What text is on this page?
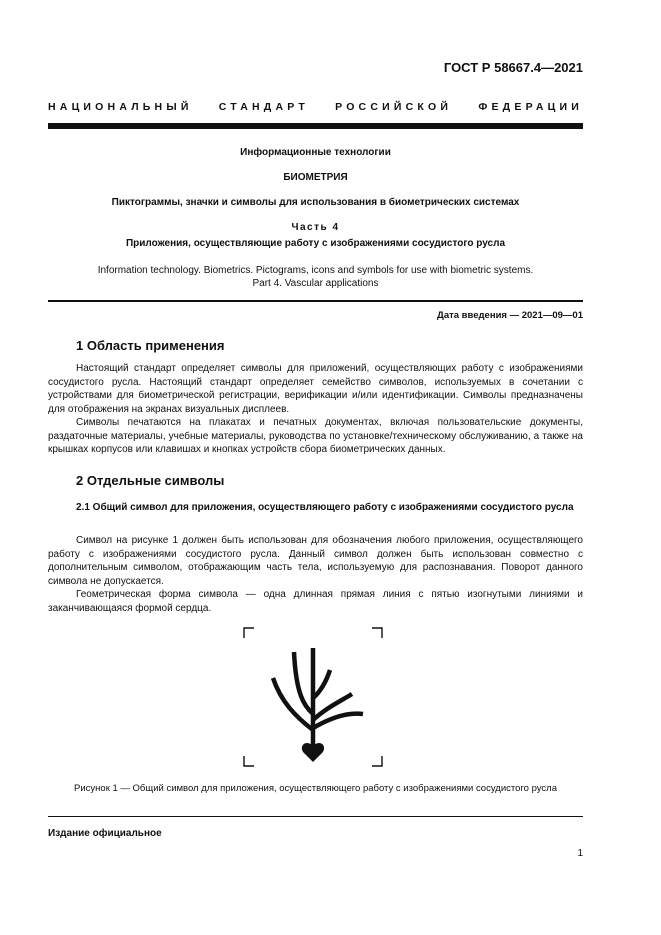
ГОСТ Р 58667.4—2021
НАЦИОНАЛЬНЫЙ СТАНДАРТ РОССИЙСКОЙ ФЕДЕРАЦИИ
Информационные технологии
БИОМЕТРИЯ
Пиктограммы, значки и символы для использования в биометрических системах
Часть 4
Приложения, осуществляющие работу с изображениями сосудистого русла
Information technology. Biometrics. Pictograms, icons and symbols for use with biometric systems.
Part 4. Vascular applications
Дата введения — 2021—09—01
1 Область применения

Настоящий стандарт определяет символы для приложений, осуществляющих работу с изображениями сосудистого русла. Настоящий стандарт определяет семейство символов, используемых в сочетании с устройствами для биометрической регистрации, верификации и/или идентификации. Символы предназначены для отображения на экранах визуальных дисплеев.

Символы печатаются на плакатах и печатных документах, включая пользовательские документы, раздаточные материалы, учебные материалы, руководства по установке/техническому обслуживанию, а также на крышках корпусов или клавишах и кнопках устройств сбора биометрических данных.

2 Отдельные символы
2.1 Общий символ для приложения, осуществляющего работу с изображениями сосудистого русла

Символ на рисунке 1 должен быть использован для обозначения любого приложения, осуществляющего работу с изображениями сосудистого русла. Данный символ должен быть использован совместно с дополнительным символом, отображающим часть тела, используемую для распознавания. Поворот данного символа не допускается.

Геометрическая форма символа — одна длинная прямая линия с пятью изогнутыми линиями и заканчивающаяся формой сердца.

Рисунок 1 — Общий символ для приложения, осуществляющего работу с изображениями сосудистого русла
Издание официальное
1
